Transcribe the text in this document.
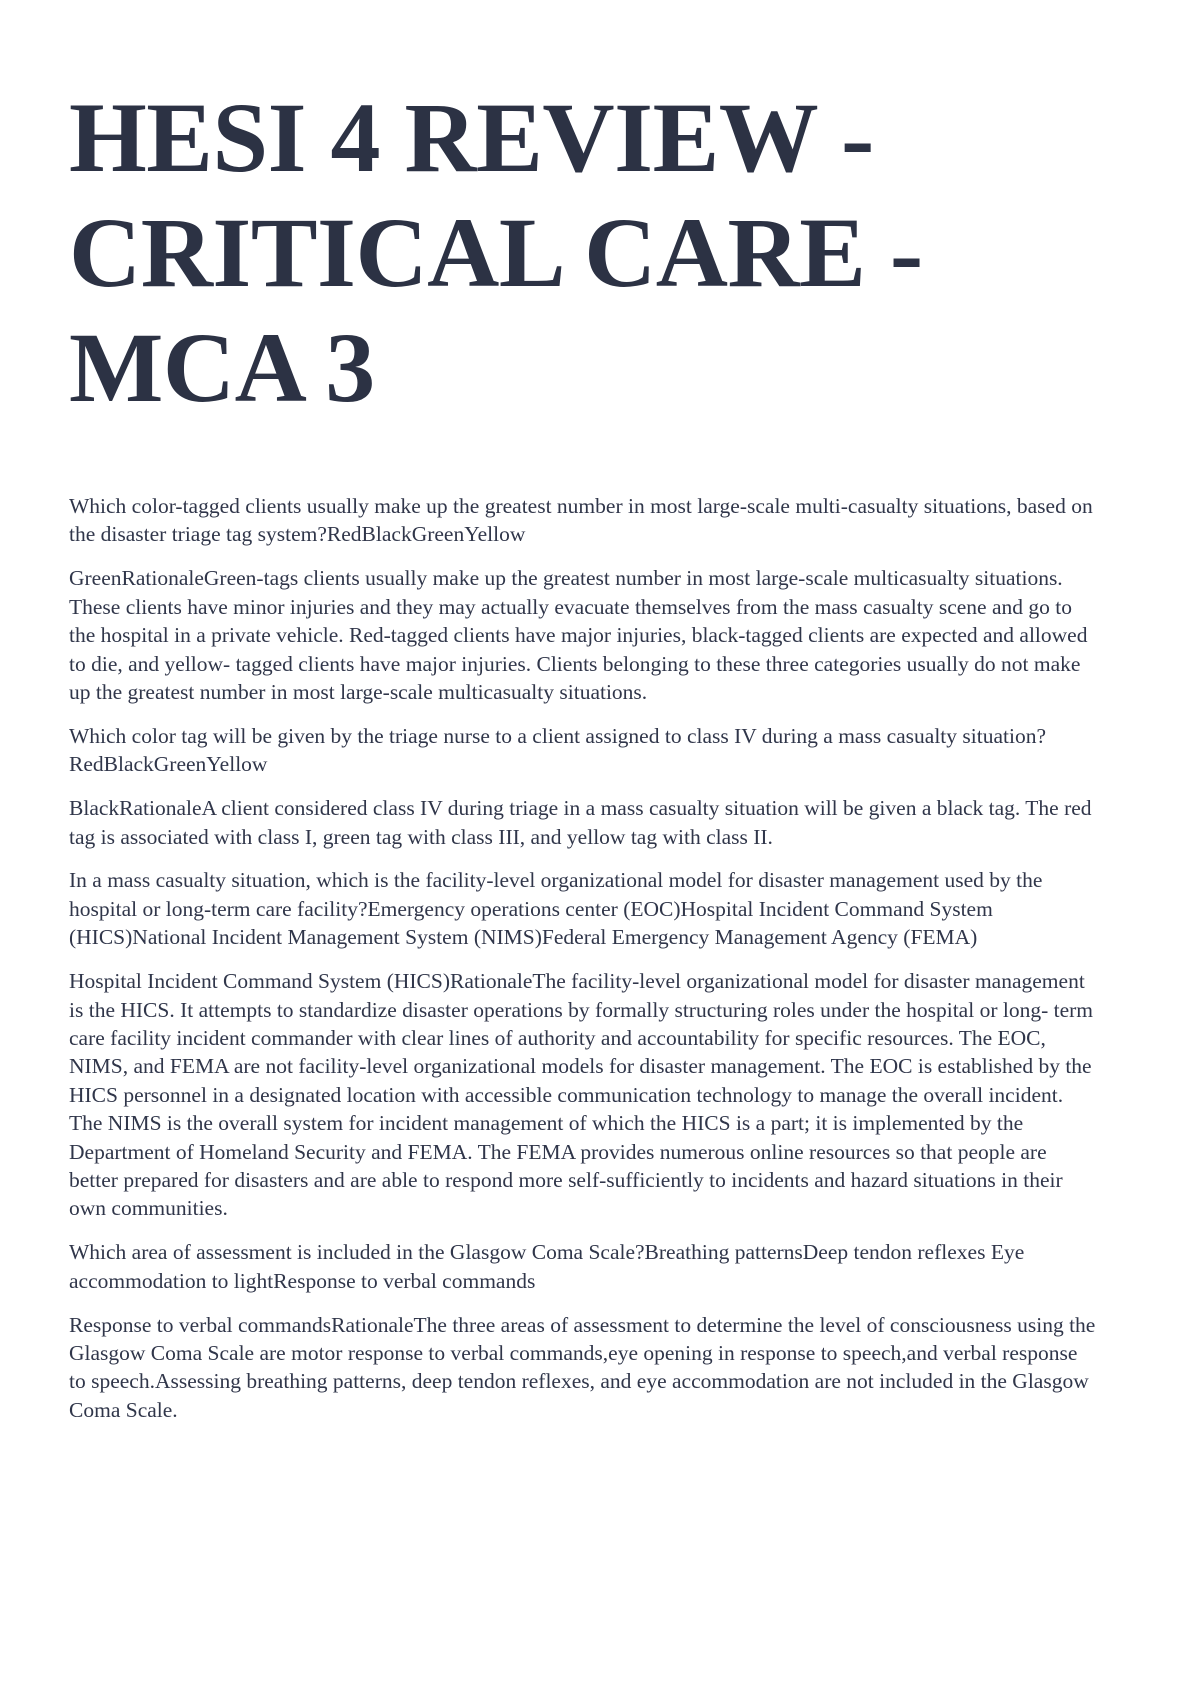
HESI 4 REVIEW -
CRITICAL CARE -
MCA 3

Which color-tagged clients usually make up the greatest number in most large-scale multi-casualty situations, based on the disaster triage tag system?RedBlackGreenYellow

GreenRationaleGreen-tags clients usually make up the greatest number in most large-scale multicasualty situations. These clients have minor injuries and they may actually evacuate themselves from the mass casualty scene and go to the hospital in a private vehicle. Red-tagged clients have major injuries, black-tagged clients are expected and allowed to die, and yellow- tagged clients have major injuries. Clients belonging to these three categories usually do not make up the greatest number in most large-scale multicasualty situations.

Which color tag will be given by the triage nurse to a client assigned to class IV during a mass casualty situation?RedBlackGreenYellow

BlackRationaleA client considered class IV during triage in a mass casualty situation will be given a black tag. The red tag is associated with class I, green tag with class III, and yellow tag with class II.

In a mass casualty situation, which is the facility-level organizational model for disaster management used by the hospital or long-term care facility?Emergency operations center (EOC)Hospital Incident Command System (HICS)National Incident Management System (NIMS)Federal Emergency Management Agency (FEMA)

Hospital Incident Command System (HICS)RationaleThe facility-level organizational model for disaster management is the HICS. It attempts to standardize disaster operations by formally structuring roles under the hospital or long- term care facility incident commander with clear lines of authority and accountability for specific resources. The EOC, NIMS, and FEMA are not facility-level organizational models for disaster management. The EOC is established by the HICS personnel in a designated location with accessible communication technology to manage the overall incident. The NIMS is the overall system for incident management of which the HICS is a part; it is implemented by the Department of Homeland Security and FEMA. The FEMA provides numerous online resources so that people are better prepared for disasters and are able to respond more self-sufficiently to incidents and hazard situations in their own communities.

Which area of assessment is included in the Glasgow Coma Scale?Breathing patternsDeep tendon reflexes Eye accommodation to lightResponse to verbal commands

Response to verbal commandsRationaleThe three areas of assessment to determine the level of consciousness using the Glasgow Coma Scale are motor response to verbal commands,eye opening in response to speech,and verbal response to speech.Assessing breathing patterns, deep tendon reflexes, and eye accommodation are not included in the Glasgow Coma Scale.
